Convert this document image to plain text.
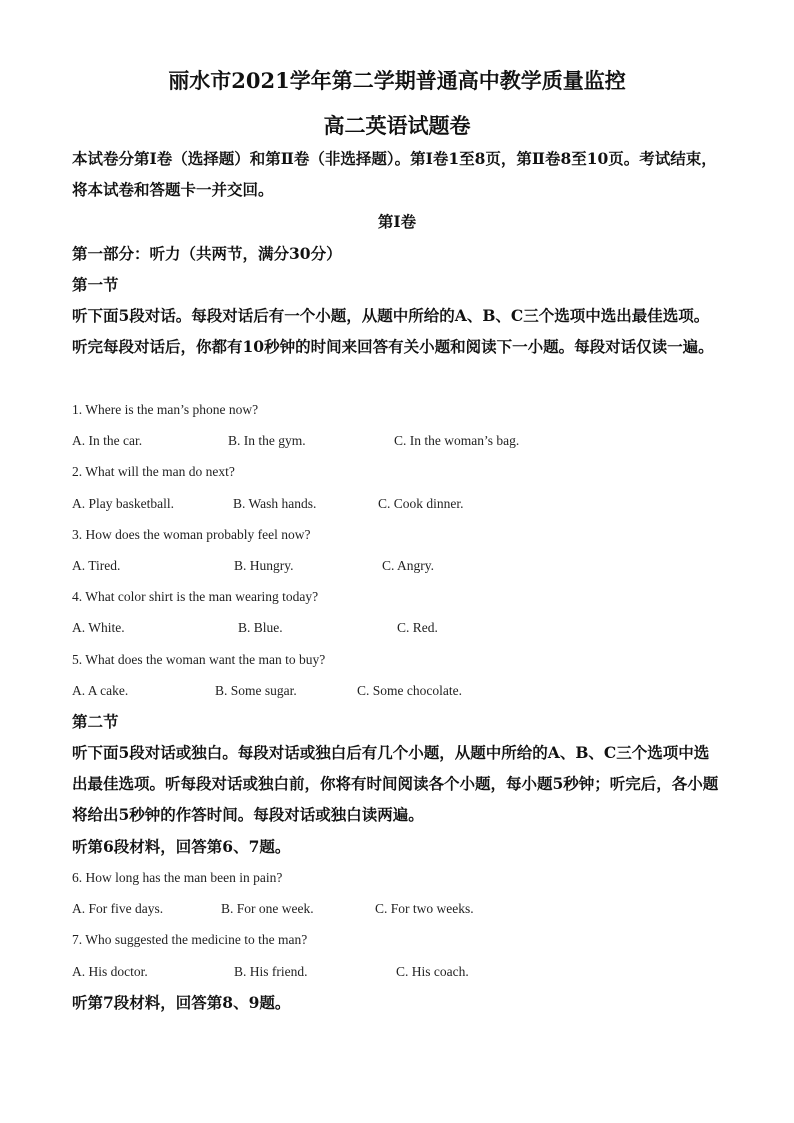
丽水市2021学年第二学期普通高中教学质量监控
高二英语试题卷
本试卷分第Ⅰ卷（选择题）和第Ⅱ卷（非选择题）。第Ⅰ卷1至8页，第Ⅱ卷8至10页。考试结束，将本试卷和答题卡一并交回。
第Ⅰ卷
第一部分：听力（共两节，满分30分）
第一节
听下面5段对话。每段对话后有一个小题，从题中所给的A、B、C三个选项中选出最佳选项。听完每段对话后，你都有10秒钟的时间来回答有关小题和阅读下一小题。每段对话仅读一遍。
1. Where is the man’s phone now?
A. In the car.	B. In the gym.	C. In the woman’s bag.
2. What will the man do next?
A. Play basketball.	B. Wash hands.	C. Cook dinner.
3. How does the woman probably feel now?
A. Tired.	B. Hungry.	C. Angry.
4. What color shirt is the man wearing today?
A. White.	B. Blue.	C. Red.
5. What does the woman want the man to buy?
A. A cake.	B. Some sugar.	C. Some chocolate.
第二节
听下面5段对话或独白。每段对话或独白后有几个小题，从题中所给的A、B、C三个选项中选出最佳选项。听每段对话或独白前，你将有时间阅读各个小题，每小题5秒钟；听完后，各小题将给出5秒钟的作答时间。每段对话或独白读两遍。
听第6段材料，回答第6、7题。
6. How long has the man been in pain?
A. For five days.	B. For one week.	C. For two weeks.
7. Who suggested the medicine to the man?
A. His doctor.	B. His friend.	C. His coach.
听第7段材料，回答第8、9题。
